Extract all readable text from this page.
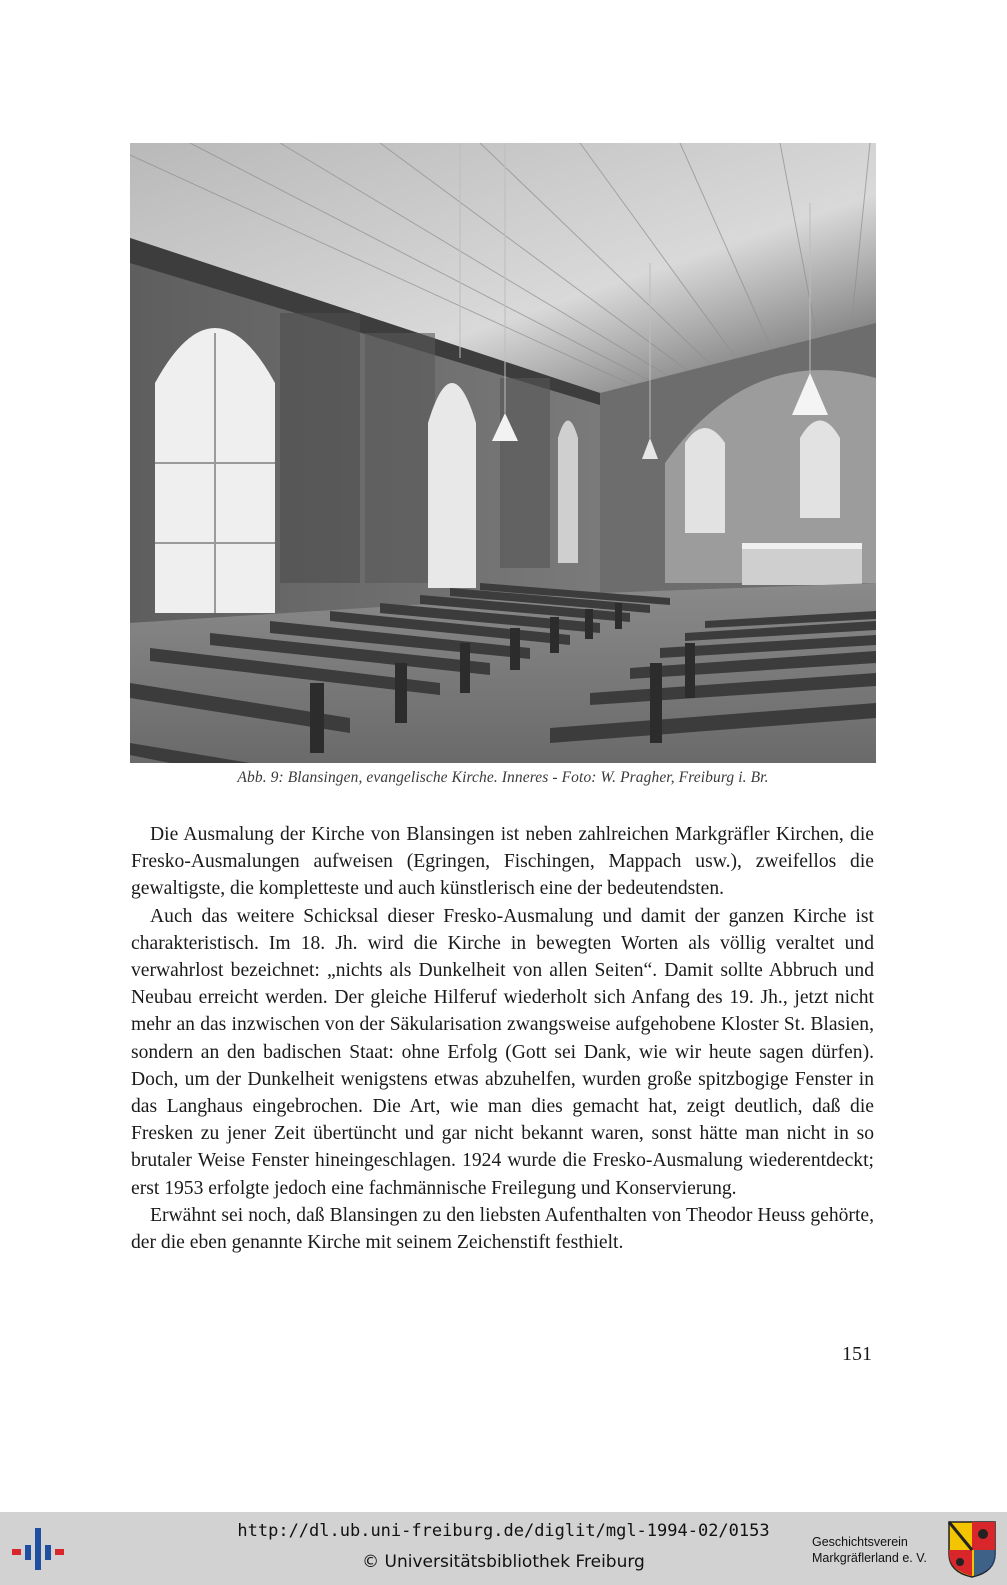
Abb. 9: Blansingen, evangelische Kirche. Inneres - Foto: W. Pragher, Freiburg i. Br.

Die Ausmalung der Kirche von Blansingen ist neben zahlreichen Markgräfler Kirchen, die Fresko-Ausmalungen aufweisen (Egringen, Fischingen, Mappach usw.), zweifellos die gewaltigste, die kompletteste und auch künstlerisch eine der bedeutendsten.

Auch das weitere Schicksal dieser Fresko-Ausmalung und damit der ganzen Kirche ist charakteristisch. Im 18. Jh. wird die Kirche in bewegten Worten als völlig veraltet und verwahrlost bezeichnet: „nichts als Dunkelheit von allen Seiten“. Damit sollte Abbruch und Neubau erreicht werden. Der gleiche Hilferuf wiederholt sich Anfang des 19. Jh., jetzt nicht mehr an das inzwischen von der Säkularisation zwangsweise aufgehobene Kloster St. Blasien, sondern an den badischen Staat: ohne Erfolg (Gott sei Dank, wie wir heute sagen dürfen). Doch, um der Dunkelheit wenigstens etwas abzuhelfen, wurden große spitzbogige Fenster in das Langhaus eingebrochen. Die Art, wie man dies gemacht hat, zeigt deutlich, daß die Fresken zu jener Zeit übertüncht und gar nicht bekannt waren, sonst hätte man nicht in so brutaler Weise Fenster hineingeschlagen. 1924 wurde die Fresko-Ausmalung wiederentdeckt; erst 1953 erfolgte jedoch eine fachmännische Freilegung und Konservierung.

Erwähnt sei noch, daß Blansingen zu den liebsten Aufenthalten von Theodor Heuss gehörte, der die eben genannte Kirche mit seinem Zeichenstift festhielt.

151
http://dl.ub.uni-freiburg.de/diglit/mgl-1994-02/0153
© Universitätsbibliothek Freiburg
Geschichtsverein
Markgräflerland e. V.
